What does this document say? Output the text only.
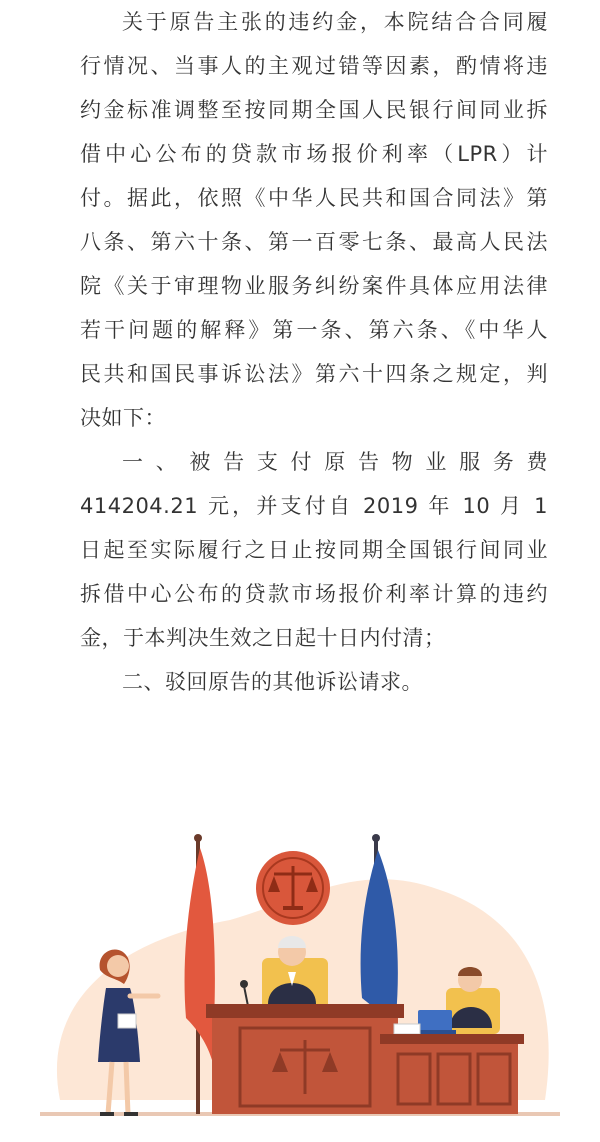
关于原告主张的违约金，本院结合合同履
行情况、当事人的主观过错等因素，酌情将违
约金标准调整至按同期全国人民银行间同业拆
借中心公布的贷款市场报价利率（LPR）计
付。据此，依照《中华人民共和国合同法》第
八条、第六十条、第一百零七条、最高人民法
院《关于审理物业服务纠纷案件具体应用法律
若干问题的解释》第一条、第六条、《中华人
民共和国民事诉讼法》第六十四条之规定，判
决如下：
一、被告支付原告物业服务费
414204.21 元，并支付自 2019 年 10 月 1
日起至实际履行之日止按同期全国银行间同业
拆借中心公布的贷款市场报价利率计算的违约
金，于本判决生效之日起十日内付清；
二、驳回原告的其他诉讼请求。
